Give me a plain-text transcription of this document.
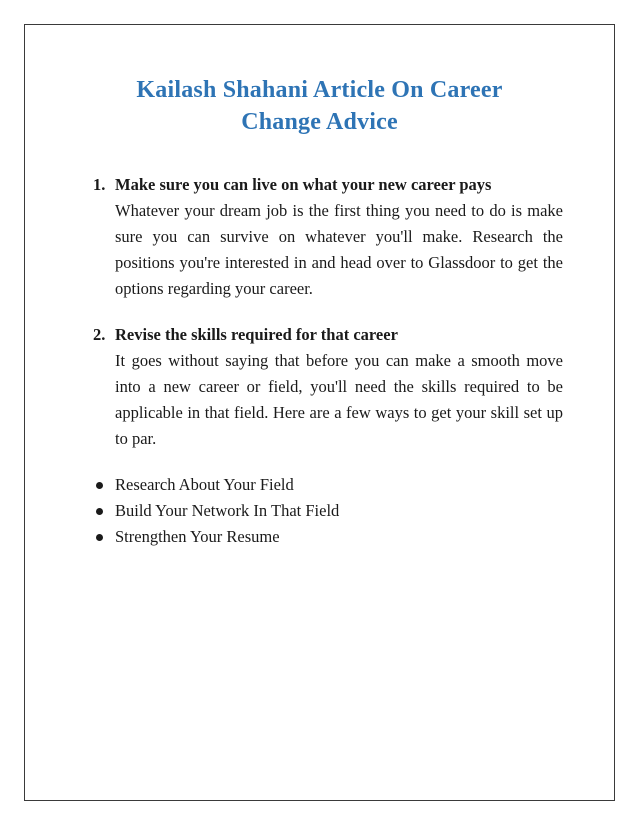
Kailash Shahani Article On Career
Change Advice

1. Make sure you can live on what your new career pays

Whatever your dream job is the first thing you need to do is make sure you can survive on whatever you'll make. Research the positions you're interested in and head over to Glassdoor to get the options regarding your career.

2. Revise the skills required for that career

It goes without saying that before you can make a smooth move into a new career or field, you'll need the skills required to be applicable in that field. Here are a few ways to get your skill set up to par.

Research About Your Field
Build Your Network In That Field
Strengthen Your Resume
